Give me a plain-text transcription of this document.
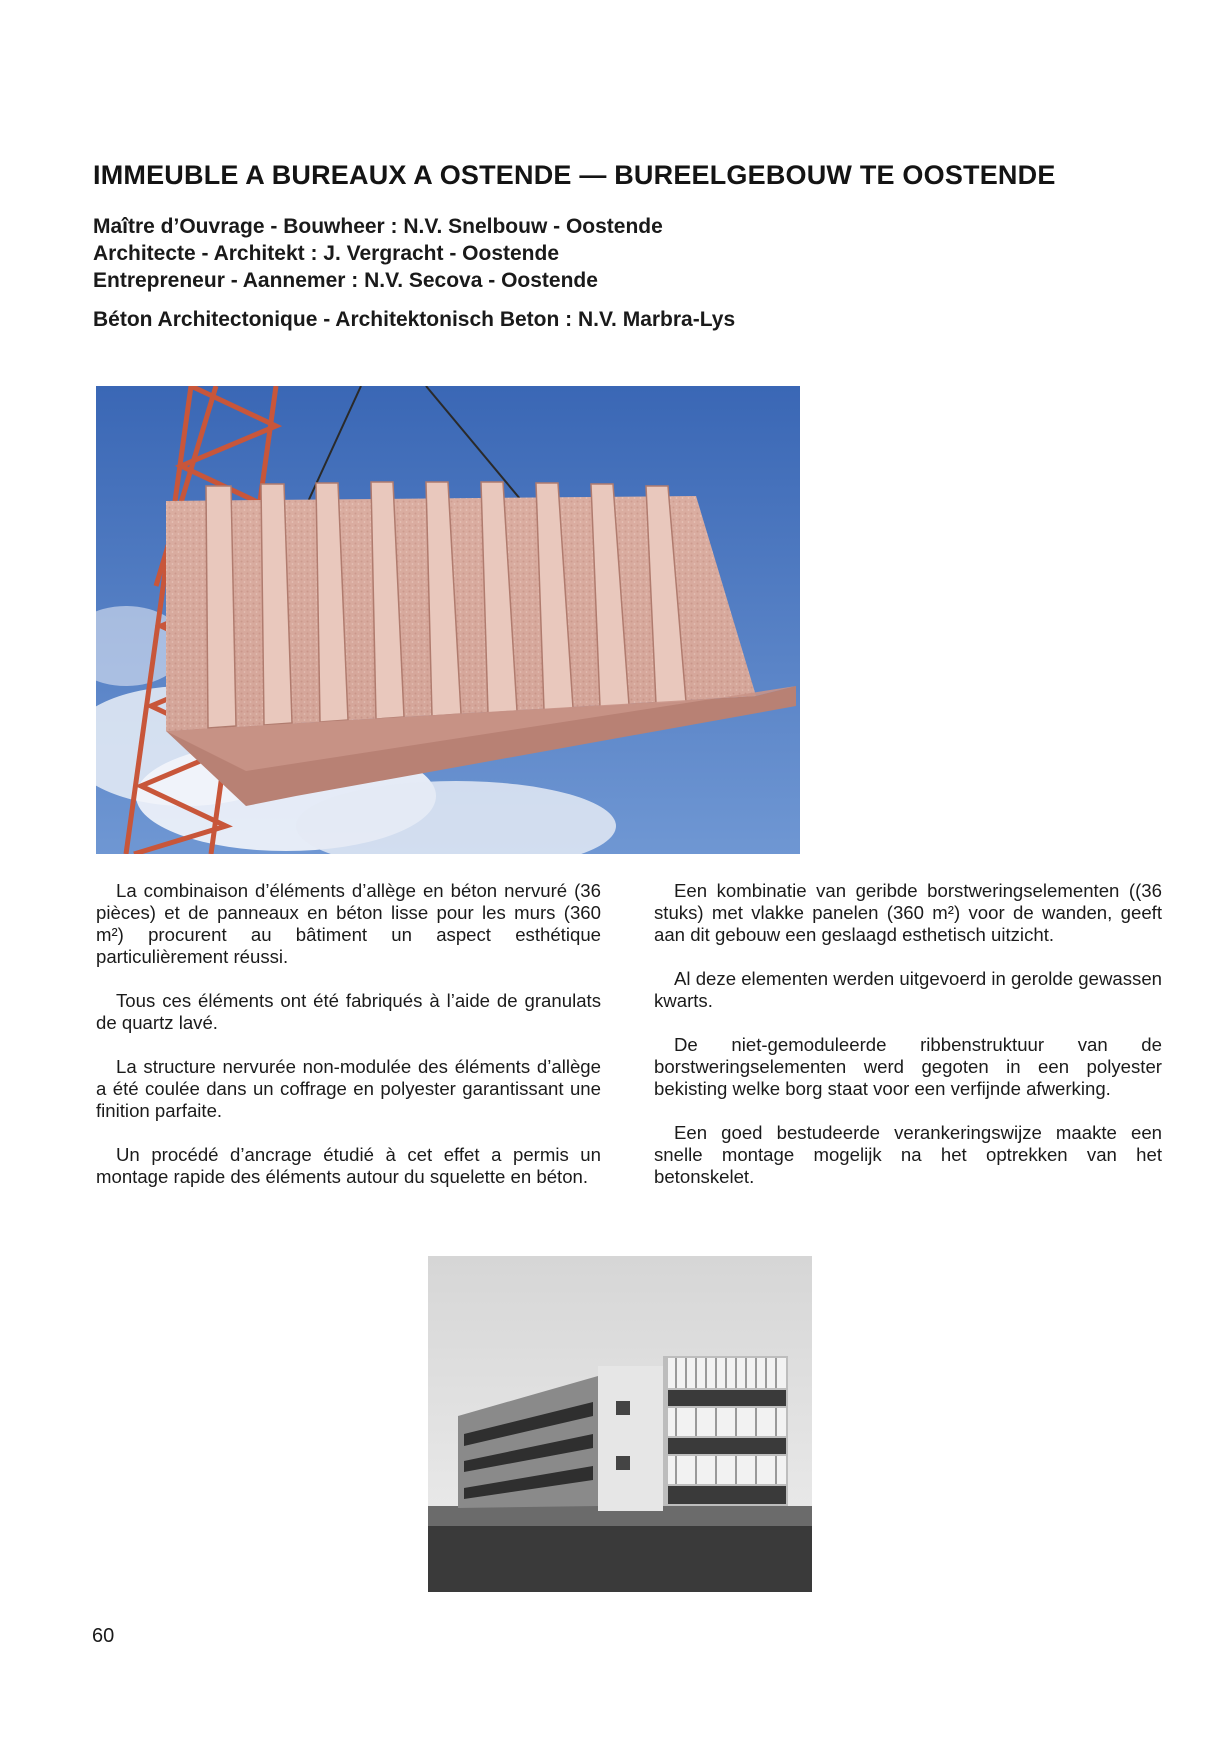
IMMEUBLE A BUREAUX A OSTENDE — BUREELGEBOUW TE OOSTENDE
Maître d’Ouvrage - Bouwheer : N.V. Snelbouw - Oostende
Architecte - Architekt : J. Vergracht - Oostende
Entrepreneur - Aannemer : N.V. Secova - Oostende
Béton Architectonique - Architektonisch Beton : N.V. Marbra-Lys

La combinaison d’éléments d’allège en béton nervuré (36 pièces) et de panneaux en béton lisse pour les murs (360 m²) procurent au bâtiment un aspect esthétique particulièrement réussi.

Tous ces éléments ont été fabriqués à l’aide de granulats de quartz lavé.

La structure nervurée non-modulée des éléments d’allège a été coulée dans un coffrage en polyester garantissant une finition parfaite.

Un procédé d’ancrage étudié à cet effet a permis un montage rapide des éléments autour du squelette en béton.

Een kombinatie van geribde borstweringselementen ((36 stuks) met vlakke panelen (360 m²) voor de wanden, geeft aan dit gebouw een geslaagd esthetisch uitzicht.

Al deze elementen werden uitgevoerd in gerolde gewassen kwarts.

De niet-gemoduleerde ribbenstruktuur van de borstweringselementen werd gegoten in een polyester bekisting welke borg staat voor een verfijnde afwerking.

Een goed bestudeerde verankeringswijze maakte een snelle montage mogelijk na het optrekken van het betonskelet.

60
